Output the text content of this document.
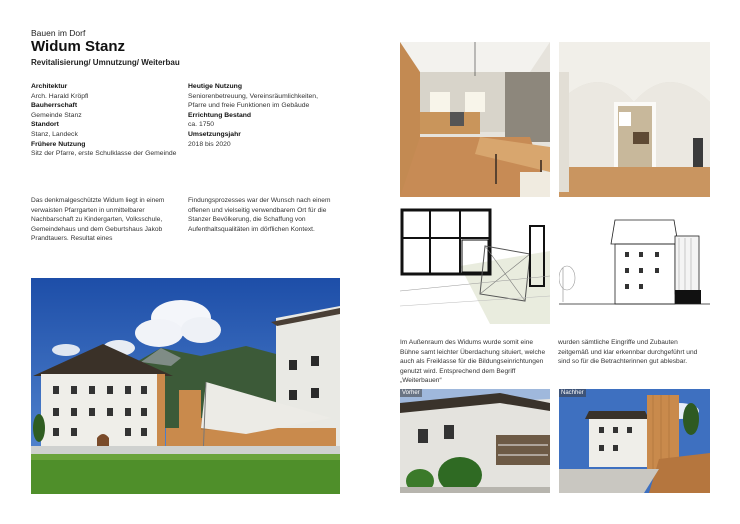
Bauen im Dorf
Widum Stanz
Revitalisierung/ Umnutzung/ Weiterbau
Architektur
Arch. Harald Kröpfl
Bauherrschaft
Gemeinde Stanz
Standort
Stanz, Landeck
Frühere Nutzung
Sitz der Pfarre, erste Schulklasse der Gemeinde
Heutige Nutzung
Seniorenbetreuung, Vereinsräumlichkeiten, Pfarre und freie Funktionen im Gebäude
Errichtung Bestand
ca. 1750
Umsetzungsjahr
2018 bis 2020
Das denkmalgeschützte Widum liegt in einem verwaisten Pfarrgarten in unmittelbarer Nachbarschaft zu Kindergarten, Volksschule, Gemeindehaus und dem Geburtshaus Jakob Prandtauers. Resultat eines
Findungsprozesses war der Wunsch nach einem offenen und vielseitig verwendbarem Ort für die Stanzer Bevölkerung, die Schaffung von Aufenthaltsqualitäten im dörflichen Kontext.
Im Außenraum des Widums wurde somit eine Bühne samt leichter Überdachung situiert, welche auch als Freiklasse für die Bildungseinrichtungen genutzt wird. Entsprechend dem Begriff „Weiterbauen“
wurden sämtliche Eingriffe und Zubauten zeitgemäß und klar erkennbar durchgeführt und sind so für die Betrachterinnen gut ablesbar.
Vorher	Nachher
